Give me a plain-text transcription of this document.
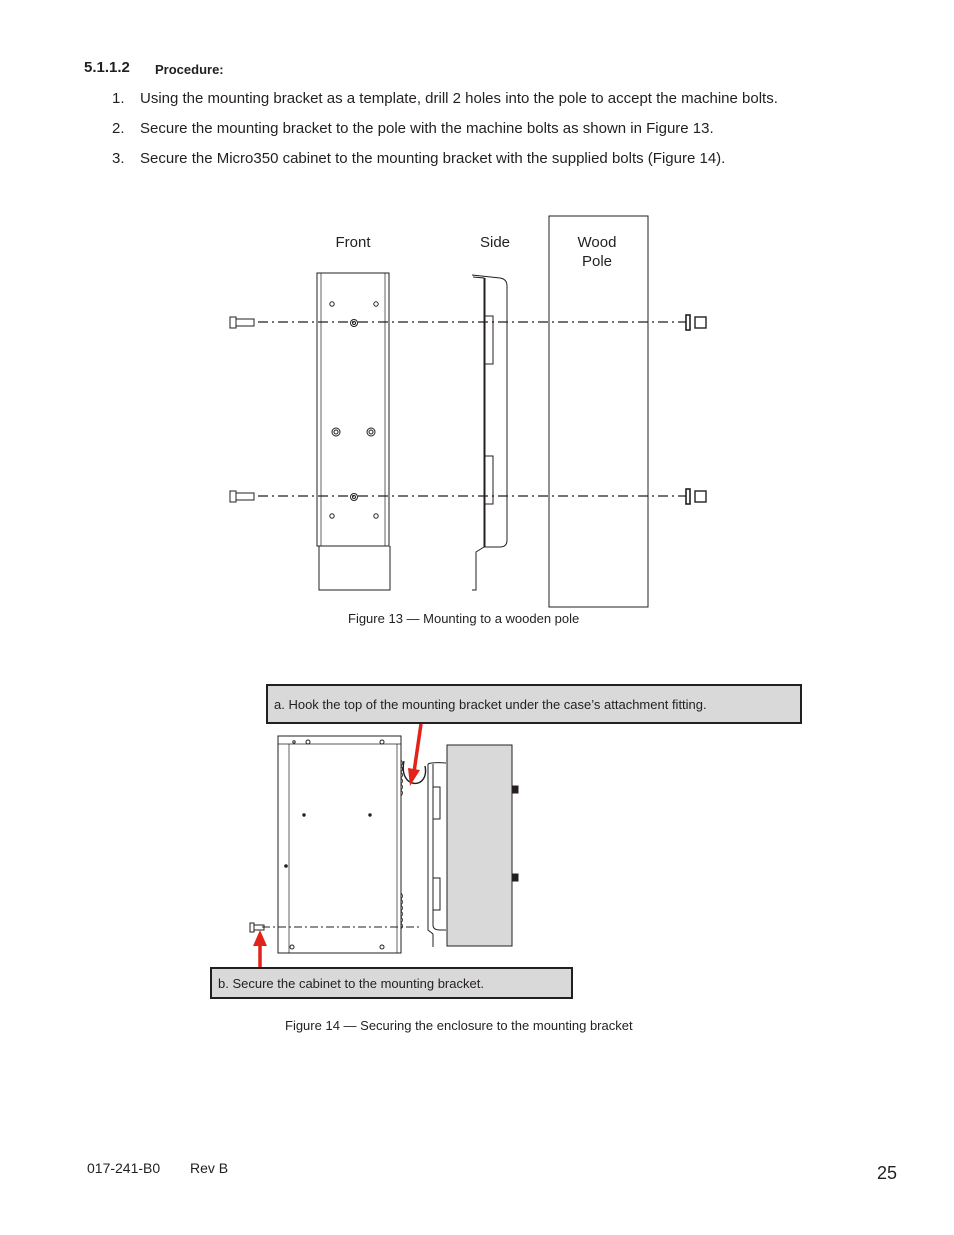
5.1.1.2 Procedure:
1. Using the mounting bracket as a template, drill 2 holes into the pole to accept the machine bolts.
2. Secure the mounting bracket to the pole with the machine bolts as shown in Figure 13.
3. Secure the Micro350 cabinet to the mounting bracket with the supplied bolts (Figure 14).
Front	Side	Wood
Pole
Figure 13 — Mounting to a wooden pole
a. Hook the top of the mounting bracket under the case’s attachment fitting.
b. Secure the cabinet to the mounting bracket.
Figure 14 — Securing the enclosure to the mounting bracket
017-241-B0 Rev B	25
